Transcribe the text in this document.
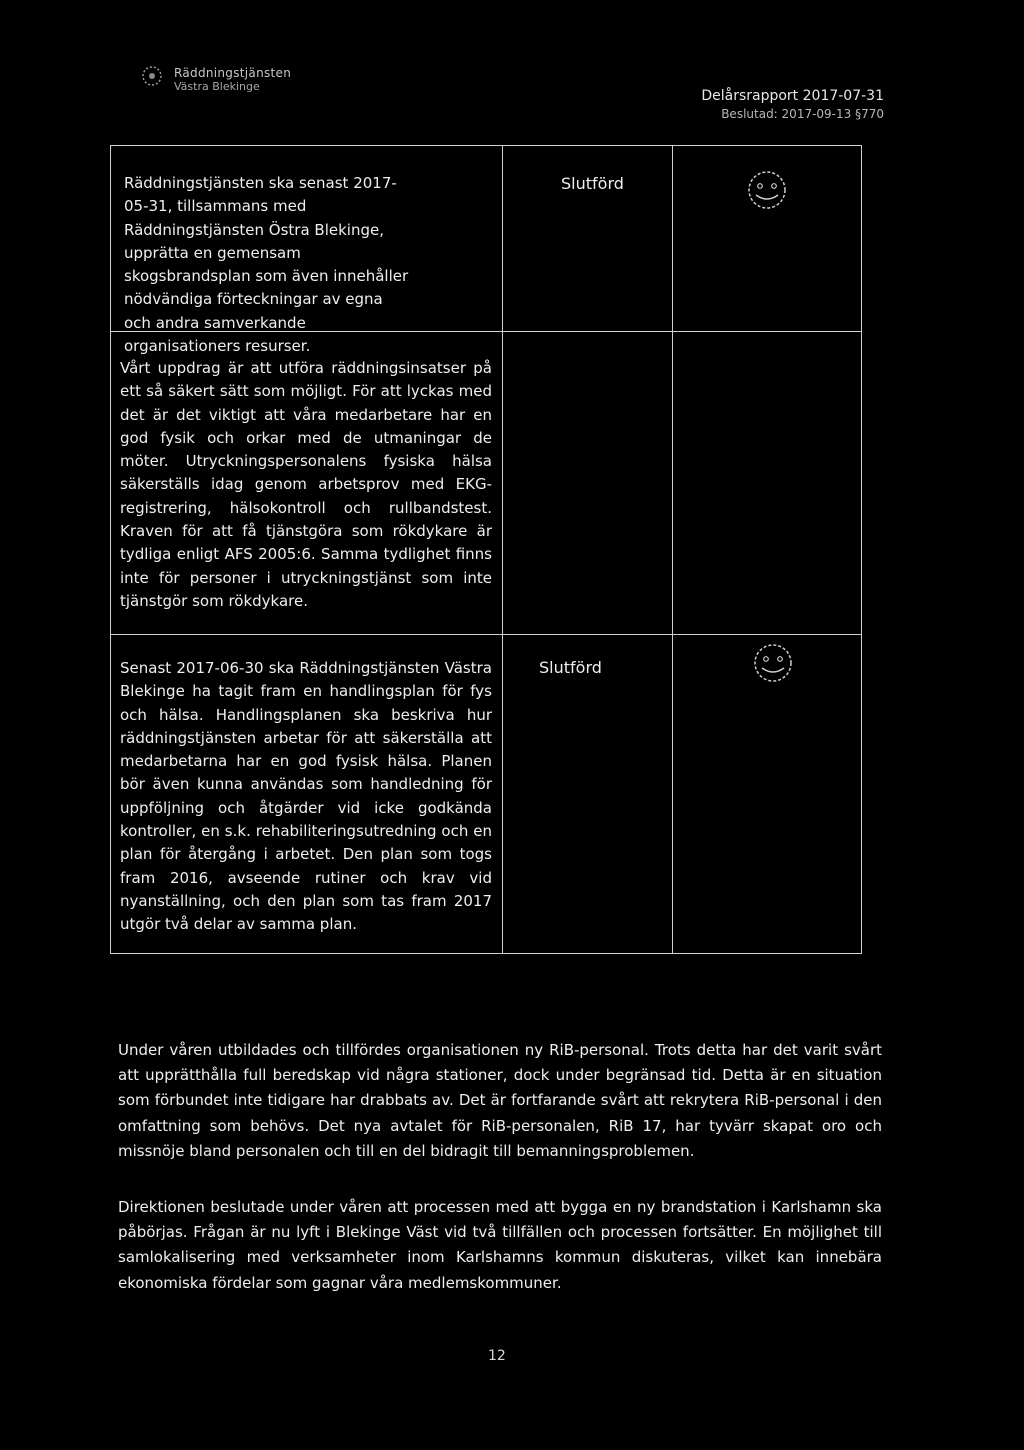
Räddningstjänsten
Västra Blekinge
Delårsrapport 2017-07-31
Beslutad: 2017-09-13 §770

Räddningstjänsten ska senast 2017-05-31, tillsammans med Räddningstjänsten Östra Blekinge, upprätta en gemensam skogsbrandsplan som även innehåller nödvändiga förteckningar av egna och andra samverkande organisationers resurser.

Slutförd

Vårt uppdrag är att utföra räddningsinsatser på ett så säkert sätt som möjligt. För att lyckas med det är det viktigt att våra medarbetare har en god fysik och orkar med de utmaningar de möter. Utryckningspersonalens fysiska hälsa säkerställs idag genom arbetsprov med EKG-registrering, hälsokontroll och rullbandstest. Kraven för att få tjänstgöra som rökdykare är tydliga enligt AFS 2005:6. Samma tydlighet finns inte för personer i utryckningstjänst som inte tjänstgör som rökdykare.

Senast 2017-06-30 ska Räddningstjänsten Västra Blekinge ha tagit fram en handlingsplan för fys och hälsa. Handlingsplanen ska beskriva hur räddningstjänsten arbetar för att säkerställa att medarbetarna har en god fysisk hälsa. Planen bör även kunna användas som handledning för uppföljning och åtgärder vid icke godkända kontroller, en s.k. rehabiliteringsutredning och en plan för återgång i arbetet. Den plan som togs fram 2016, avseende rutiner och krav vid nyanställning, och den plan som tas fram 2017 utgör två delar av samma plan.

Slutförd

Under våren utbildades och tillfördes organisationen ny RiB-personal. Trots detta har det varit svårt att upprätthålla full beredskap vid några stationer, dock under begränsad tid. Detta är en situation som förbundet inte tidigare har drabbats av. Det är fortfarande svårt att rekrytera RiB-personal i den omfattning som behövs. Det nya avtalet för RiB-personalen, RiB 17, har tyvärr skapat oro och missnöje bland personalen och till en del bidragit till bemanningsproblemen.

Direktionen beslutade under våren att processen med att bygga en ny brandstation i Karlshamn ska påbörjas. Frågan är nu lyft i Blekinge Väst vid två tillfällen och processen fortsätter. En möjlighet till samlokalisering med verksamheter inom Karlshamns kommun diskuteras, vilket kan innebära ekonomiska fördelar som gagnar våra medlemskommuner.

12
